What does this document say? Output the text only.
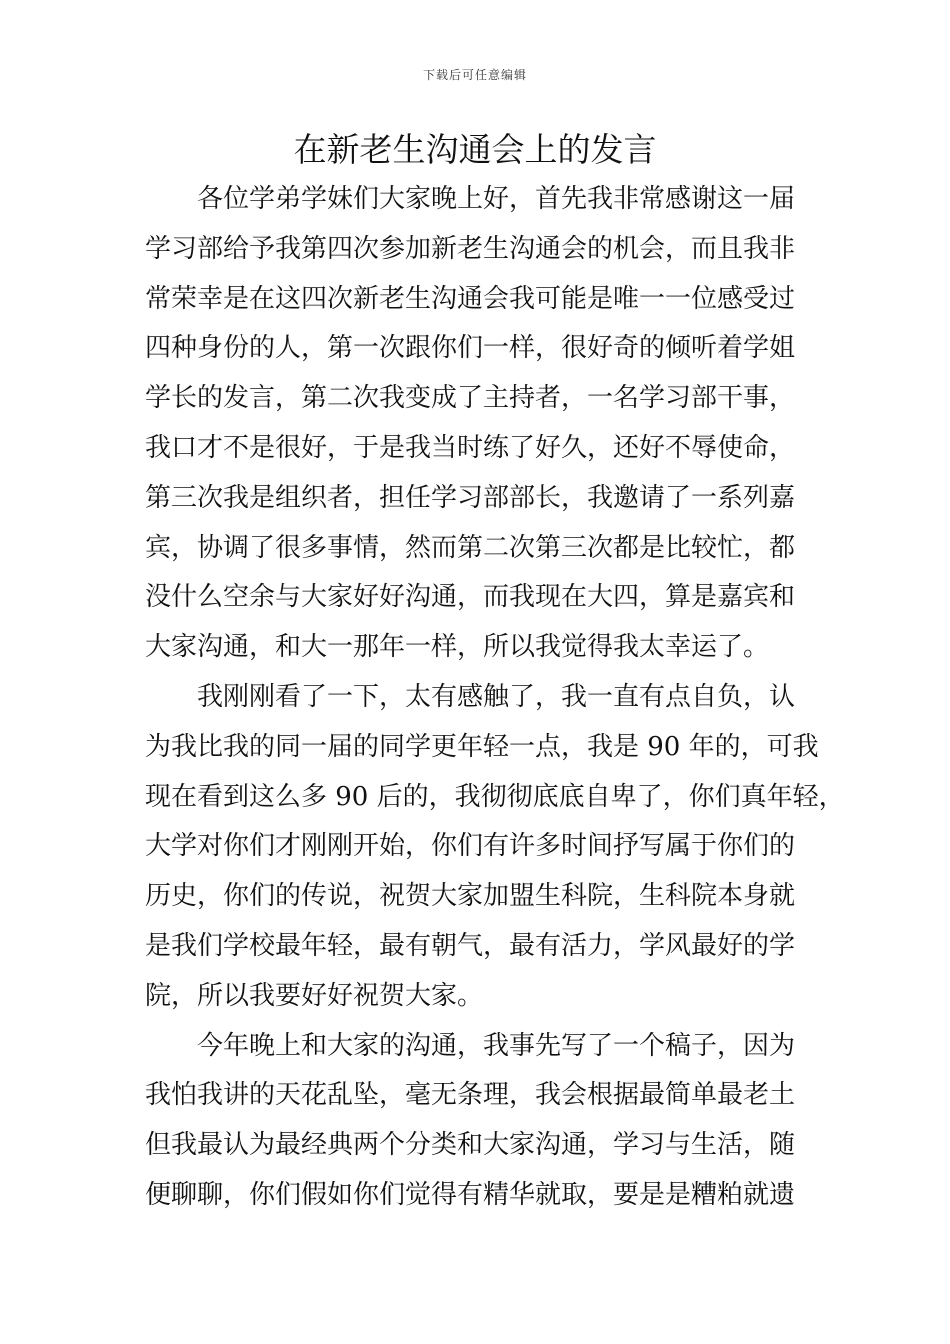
下载后可任意编辑
在新老生沟通会上的发言
各位学弟学妹们大家晚上好，首先我非常感谢这一届
学习部给予我第四次参加新老生沟通会的机会，而且我非
常荣幸是在这四次新老生沟通会我可能是唯一一位感受过
四种身份的人，第一次跟你们一样，很好奇的倾听着学姐
学长的发言，第二次我变成了主持者，一名学习部干事，
我口才不是很好，于是我当时练了好久，还好不辱使命，
第三次我是组织者，担任学习部部长，我邀请了一系列嘉
宾，协调了很多事情，然而第二次第三次都是比较忙，都
没什么空余与大家好好沟通，而我现在大四，算是嘉宾和
大家沟通，和大一那年一样，所以我觉得我太幸运了。
我刚刚看了一下，太有感触了，我一直有点自负，认
为我比我的同一届的同学更年轻一点，我是 90 年的，可我
现在看到这么多 90 后的，我彻彻底底自卑了，你们真年轻，
大学对你们才刚刚开始，你们有许多时间抒写属于你们的
历史，你们的传说，祝贺大家加盟生科院，生科院本身就
是我们学校最年轻，最有朝气，最有活力，学风最好的学
院，所以我要好好祝贺大家。
今年晚上和大家的沟通，我事先写了一个稿子，因为
我怕我讲的天花乱坠，毫无条理，我会根据最简单最老土
但我最认为最经典两个分类和大家沟通，学习与生活，随
便聊聊，你们假如你们觉得有精华就取，要是是糟粕就遗
